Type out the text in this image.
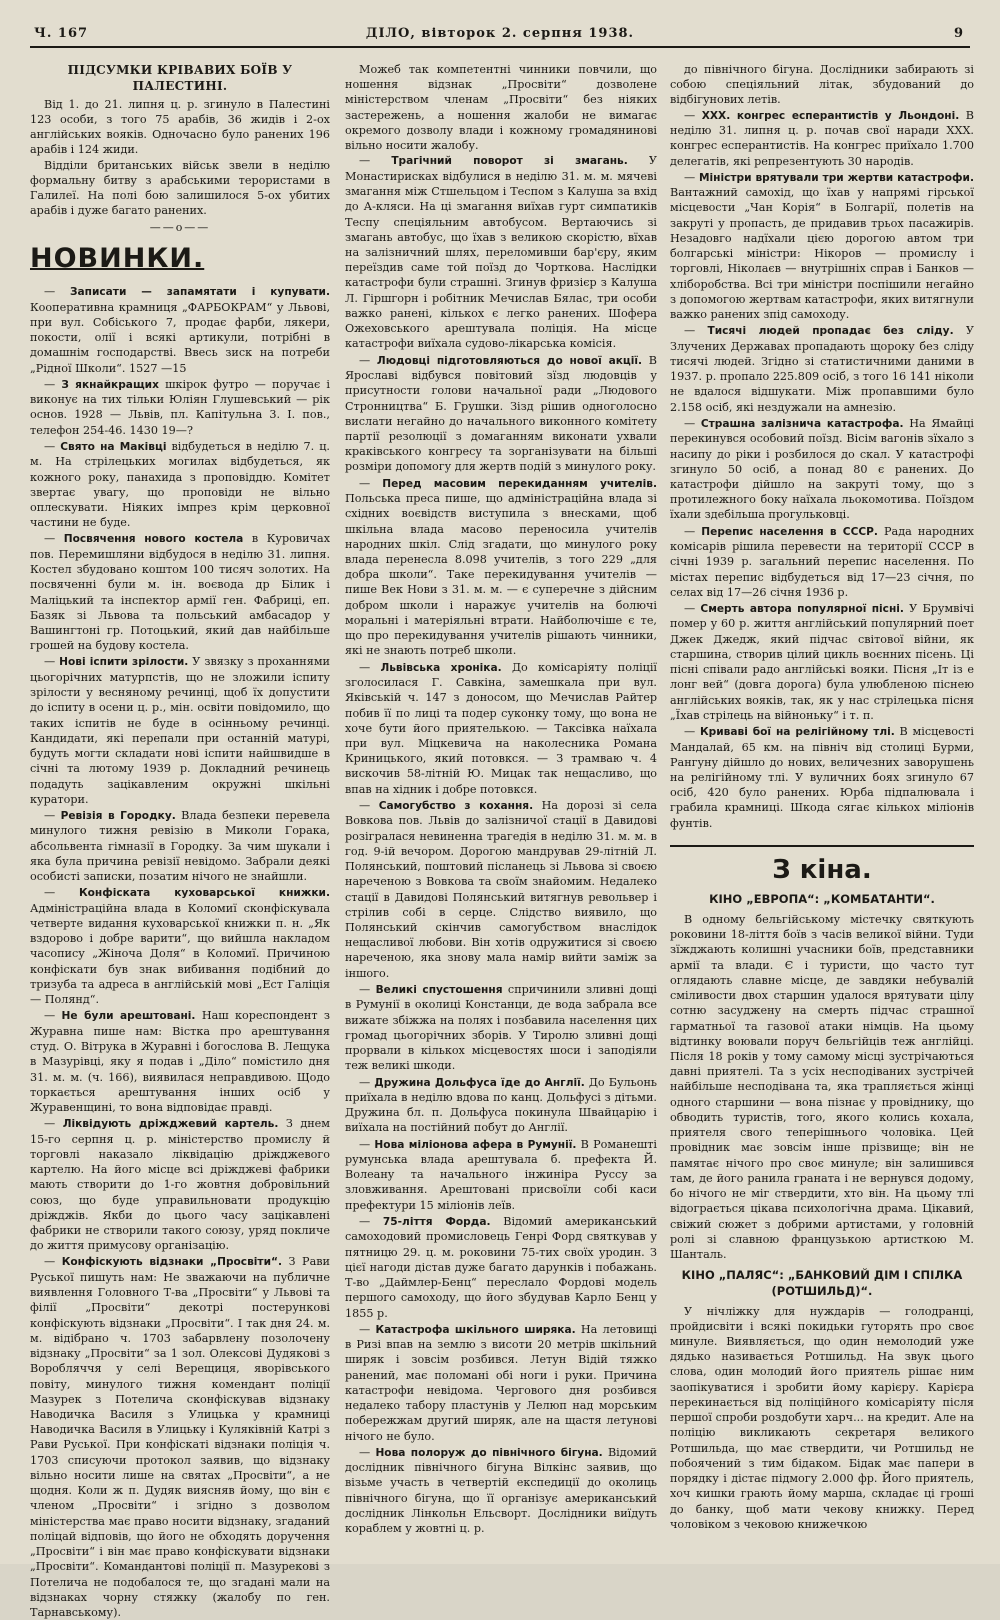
Ч. 167	ДІЛО, вівторок 2. серпня 1938.	9
ПІДСУМКИ КРІВАВИХ БОЇВ У ПАЛЕСТИНІ.

Від 1. до 21. липня ц. р. згинуло в Палестині 123 особи, з того 75 арабів, 36 жидів і 2-ох англійських вояків. Одночасно було ранених 196 арабів і 124 жиди.

Відділи британських військ звели в неділю формальну битву з арабськими терористами в Галилеї. На полі бою залишилося 5-ох убитих арабів і дуже багато ранених.

——o——
НОВИНКИ.

— Записати — запамятати і купувати. Кооперативна крамниця „ФАРБОКРАМ“ у Львові, при вул. Собіського 7, продає фарби, лякери, покости, олії і всякі артикули, потрібні в домашнім господарстві. Ввесь зиск на потреби „Рідної Школи“. 1527 —15

— З якнайкращих шкірок футро — поручає і виконує на тих тільки Юліян Глушевський — рік основ. 1928 — Львів, пл. Капітульна 3. І. пов., телефон 254-46. 1430 19—?

— Свято на Маківці відбудеться в неділю 7. ц. м. На стрілецьких могилах відбудеться, як кожного року, панахида з проповіддю. Комітет звертає увагу, що проповіди не вільно оплескувати. Ніяких імпрез крім церковної частини не буде.

— Посвячення нового костела в Куровичах пов. Перемишляни відбудося в неділю 31. липня. Костел збудовано коштом 100 тисяч золотих. На посвяченні були м. ін. воєвода др Білик і Маліцький та інспектор армії ген. Фабриці, еп. Базяк зі Львова та польський амбасадор у Вашингтоні гр. Потоцький, який дав найбільше грошей на будову костела.

— Нові іспити зрілости. У звязку з проханнями цьогорічних матурпстів, що не зложили іспиту зрілости у весняному речинці, щоб їх допустити до іспиту в осени ц. р., мін. освіти повідомило, що таких іспитів не буде в осінньому речинці. Кандидати, які перепали при останній матурі, будуть могти складати нові іспити найшвидше в січні та лютому 1939 р. Докладний речинець подадуть зацікавленим окружні шкільні куратори.

— Ревізія в Городку. Влада безпеки перевела минулого тижня ревізію в Миколи Горака, абсольвента гімназії в Городку. За чим шукали і яка була причина ревізії невідомо. Забрали деякі особисті записки, позатим нічого не знайшли.

— Конфіската куховарської книжки. Адміністраційна влада в Коломиї сконфіскувала четверте видання куховарської книжки п. н. „Як вздорово і добре варити“, що вийшла накладом часопису „Жіноча Доля“ в Коломиї. Причиною конфіскати був знак вибивання подібний до тризуба та адреса в англійській мові „Ест Галіція — Полянд“.

— Не були арештовані. Наш кореспондент з Журавна пише нам: Вістка про арештування студ. О. Вітрука в Журавні і богослова В. Лещука в Мазурівці, яку я подав і „Діло“ помістило дня 31. м. м. (ч. 166), виявилася неправдивою. Щодо торкається арештування інших осіб у Журавенщині, то вона відповідає правді.

— Ліквідують дріжджевий картель. З днем 15-го серпня ц. р. міністерство промислу й торговлі наказало ліквідацію дріжджевого картелю. На його місце всі дріжджеві фабрики мають створити до 1-го жовтня добровільний союз, що буде управильновати продукцію дріжджів. Якби до цього часу зацікавлені фабрики не створили такого союзу, уряд покличе до життя примусову організацію.

— Конфіскують відзнаки „Просвіти“. З Рави Руської пишуть нам: Не зважаючи на публичне виявлення Головного Т-ва „Просвіти“ у Львові та філії „Просвіти“ декотрі постерункові конфіскують відзнаки „Просвіти“. І так дня 24. м. м. відібрано ч. 1703 забарвлену позолочену відзнаку „Просвіти“ за 1 зол. Олексові Дудякові з Воробляччя у селі Верещиця, яворівського повіту, минулого тижня комендант поліції Мазурек з Потелича сконфіскував відзнаку Наводичка Василя з Улицька у крамниці Наводичка Василя в Улицьку і Куляківній Катрі з Рави Руської. При конфіскаті відзнаки поліція ч. 1703 списуючи протокол заявив, що відзнаку вільно носити лише на святах „Просвіти“, а не щодня. Коли ж п. Дудяк виясняв йому, що він є членом „Просвіти“ і згідно з дозволом міністерства має право носити відзнаку, згаданий поліцай відповів, що його не обходять доручення „Просвіти“ і він має право конфіскувати відзнаки „Просвіти“. Командантові поліції п. Мазурекові з Потелича не подобалося те, що згадані мали на відзнаках чорну стяжку (жалобу по ген. Тарнавському).

Можеб так компетентні чинники повчили, що ношення відзнак „Просвіти“ дозволене міністерством членам „Просвіти“ без ніяких застережень, а ношення жалоби не вимагає окремого дозволу влади і кожному громадянинові вільно носити жалобу.

— Трагічний поворот зі змагань. У Монастирисках відбулися в неділю 31. м. м. мячеві змагання між Стшельцом і Теспом з Калуша за вхід до А-кляси. На ці змагання виїхав гурт симпатиків Теспу спеціяльним автобусом. Вертаючись зі змагань автобус, що їхав з великою скорістю, вїхав на залізничний шлях, переломивши бар'єру, яким переїздив саме той поїзд до Чорткова. Наслідки катастрофи були страшні. Згинув фризієр з Калуша Л. Гіршгорн і робітник Мечислав Бялас, три особи важко ранені, кількох є легко ранених. Шофера Ожеховського арештувала поліція. На місце катастрофи виїхала судово-лікарська комісія.

— Людовці підготовляються до нової акції. В Ярославі відбувся повітовий зїзд людовців у присутности голови начальної ради „Людового Стронництва“ Б. Грушки. Зізд рішив одноголосно вислати негайно до начального виконного комітету партії резолюції з домаганням виконати ухвали краківського конгресу та зорганізувати на більші розміри допомогу для жертв подій з минулого року.

— Перед масовим перекиданням учителів. Польська преса пише, що адміністраційна влада зі східних воєвідств виступила з внесками, щоб шкільна влада масово переносила учителів народних шкіл. Слід згадати, що минулого року влада перенесла 8.098 учителів, з того 229 „для добра школи“. Таке перекидування учителів — пише Век Нови з 31. м. м. — є суперечне з дійсним добром школи і наражує учителів на болючі моральні і матеріяльні втрати. Найболючіше є те, що про перекидування учителів рішають чинники, які не знають потреб школи.

— Львівська хроніка. До комісаріяту поліції зголосилася Г. Савкіна, замешкала при вул. Яківській ч. 147 з доносом, що Мечислав Райтер побив її по лиці та подер суконку тому, що вона не хоче бути його приятелькою. — Таксівка наїхала при вул. Міцкевича на наколесника Романа Криницького, який потовкся. — З трамваю ч. 4 вискочив 58-літній Ю. Мицак так нещасливо, що впав на хідник і добре потовкся.

— Самогубство з кохання. На дорозі зі села Вовкова пов. Львів до залізничої стації в Давидові розігралася невиненна трагедія в неділю 31. м. м. в год. 9-ій вечором. Дорогою мандрував 29-літній Л. Полянський, поштовий післанець зі Львова зі своєю нареченою з Вовкова та своїм знайомим. Недалеко стації в Давидові Полянський витягнув револьвер і стрілив собі в серце. Слідство виявило, що Полянський скінчив самогубством внаслідок нещасливої любови. Він хотів одружитися зі своєю нареченою, яка знову мала намір вийти заміж за іншого.

— Великі спустошення спричинили зливні дощі в Румунії в околиці Констанци, де вода забрала все вижате збіжжа на полях і позбавила населення цих громад цьогорічних зборів. У Тиролю зливні дощі прорвали в кількох місцевостях шоси і заподіяли теж великі шкоди.

— Дружина Дольфуса їде до Англії. До Бульонь приїхала в неділю вдова по канц. Дольфусі з дітьми. Дружина бл. п. Дольфуса покинула Швайцарію і виїхала на постійний побут до Англії.

— Нова міліонова афера в Румунії. В Романешті румунська влада арештувала б. префекта Й. Волеану та начального інжиніра Руссу за зловживання. Арештовані присвоїли собі каси префектури 15 міліонів леїв.

— 75-ліття Форда. Відомий американський самоходовий промисловець Генрі Форд святкував у пятницю 29. ц. м. роковини 75-тих своїх уродин. З цієї нагоди дістав дуже багато дарунків і побажань. Т-во „Даймлер-Бенц“ переслало Фордові модель першого самоходу, що його збудував Карло Бенц у 1855 р.

— Катастрофа шкільного ширяка. На летовищі в Ризі впав на землю з висоти 20 метрів шкільний ширяк і зовсім розбився. Летун Відій тяжко ранений, має поломані обі ноги і руки. Причина катастрофи невідома. Чергового дня розбився недалеко табору пластунів у Лелюп над морським побережжам другий ширяк, але на щастя летунові нічого не було.

— Нова полоруж до північного бігуна. Відомий дослідник північного бігуна Вілкінс заявив, що візьме участь в четвертій експедиції до околиць північного бігуна, що її організує американський дослідник Лінкольн Ельсворт. Дослідники виїдуть кораблем у жовтні ц. р.

до північного бігуна. Дослідники забирають зі собою спеціяльний літак, збудований до відбігунових летів.

— XXX. конгрес есперантистів у Льондоні. В неділю 31. липня ц. р. почав свої наради XXX. конгрес есперантистів. На конгрес приїхало 1.700 делегатів, які репрезентують 30 народів.

— Міністри врятували три жертви катастрофи. Вантажний самохід, що їхав у напрямі гірської місцевости „Чан Корія“ в Болгарії, полетів на закруті у пропасть, де придавив трьох пасажирів. Незадовго надїхали цією дорогою автом три болгарські міністри: Нікоров — промислу і торговлі, Ніколаєв — внутрішніх справ і Банков — хліборобства. Всі три міністри поспішили негайно з допомогою жертвам катастрофи, яких витягнули важко ранених зпід самоходу.

— Тисячі людей пропадає без сліду. У Злучених Державах пропадають щороку без сліду тисячі людей. Згідно зі статистичними даними в 1937. р. пропало 225.809 осіб, з того 16 141 ніколи не вдалося відшукати. Між пропавшими було 2.158 осіб, які нездужали на амнезію.

— Страшна залізнича катастрофа. На Ямайці перекинувся особовий поїзд. Вісім вагонів зїхало з насипу до ріки і розбилося до скал. У катастрофі згинуло 50 осіб, а понад 80 є ранених. До катастрофи дійшло на закруті тому, що з протилежного боку наїхала льокомотива. Поїздом їхали здебільша прогульковці.

— Перепис населення в СССР. Рада народних комісарів рішила перевести на території СССР в січні 1939 р. загальний перепис населення. По містах перепис відбудеться від 17—23 січня, по селах від 17—26 січня 1936 р.

— Смерть автора популярної пісні. У Брумвічі помер у 60 р. життя англійський популярний поет Джек Джедж, який підчас світової війни, як старшина, створив цілий цикль воєнних пісень. Ці пісні співали радо англійські вояки. Пісня „Іт із е лонг вей“ (довга дорога) була улюбленою піснею англійських вояків, так, як у нас стрілецька пісня „Їхав стрілець на війноньку“ і т. п.

— Криваві бої на релігійному тлі. В місцевості Мандалай, 65 км. на північ від столиці Бурми, Рангуну дійшло до нових, величезних заворушень на релігійному тлі. У вуличних боях згинуло 67 осіб, 420 було ранених. Юрба підпалювала і грабила крамниці. Шкода сягає кількох міліонів фунтів.

З кіна.
КІНО „ЕВРОПА“: „КОМБАТАНТИ“.

В одному бельгійському містечку святкують роковини 18-ліття боїв з часів великої війни. Туди зїжджають колишні учасники боїв, представники армії та влади. Є і туристи, що часто тут оглядають славне місце, де завдяки небувалій сміливости двох старшин удалося врятувати цілу сотню засуджену на смерть підчас страшної гарматньої та газової атаки німців. На цьому відтинку воювали поруч бельгійців теж англійці. Після 18 років у тому самому місці зустрічаються давні приятелі. Та з усіх несподіваних зустрічей найбільше несподівана та, яка трапляється жінці одного старшини — вона пізнає у провіднику, що обводить туристів, того, якого колись кохала, приятеля свого теперішнього чоловіка. Цей провідник має зовсім інше прізвище; він не памятає нічого про своє минуле; він залишився там, де його ранила граната і не вернувся додому, бо нічого не міг ствердити, хто він. На цьому тлі відограється цікава психологічна драма. Цікавий, свіжий сюжет з добрими артистами, у головній ролі зі славною французькою артисткою М. Шанталь.

КІНО „ПАЛЯС“: „БАНКОВИЙ ДІМ І СПІЛКА (РОТШИЛЬД)“.

У нічліжку для нуждарів — голодранці, пройдисвіти і всякі покидьки гуторять про своє минуле. Виявляється, що один немолодий уже дядько називається Ротшильд. На звук цього слова, один молодий його приятель рішає ним заопікуватися і зробити йому карієру. Карієра перекинається від поліційного комісаріяту після першої спроби роздобути харч... на кредит. Але на поліцію викликають секретаря великого Ротшильда, що має ствердити, чи Ротшильд не побоячений з тим бідаком. Бідак має папери в порядку і дістає підмогу 2.000 фр. Його приятель, хоч кишки грають йому марша, складає ці гроші до банку, щоб мати чекову книжку. Перед чоловіком з чековою книжечкою
